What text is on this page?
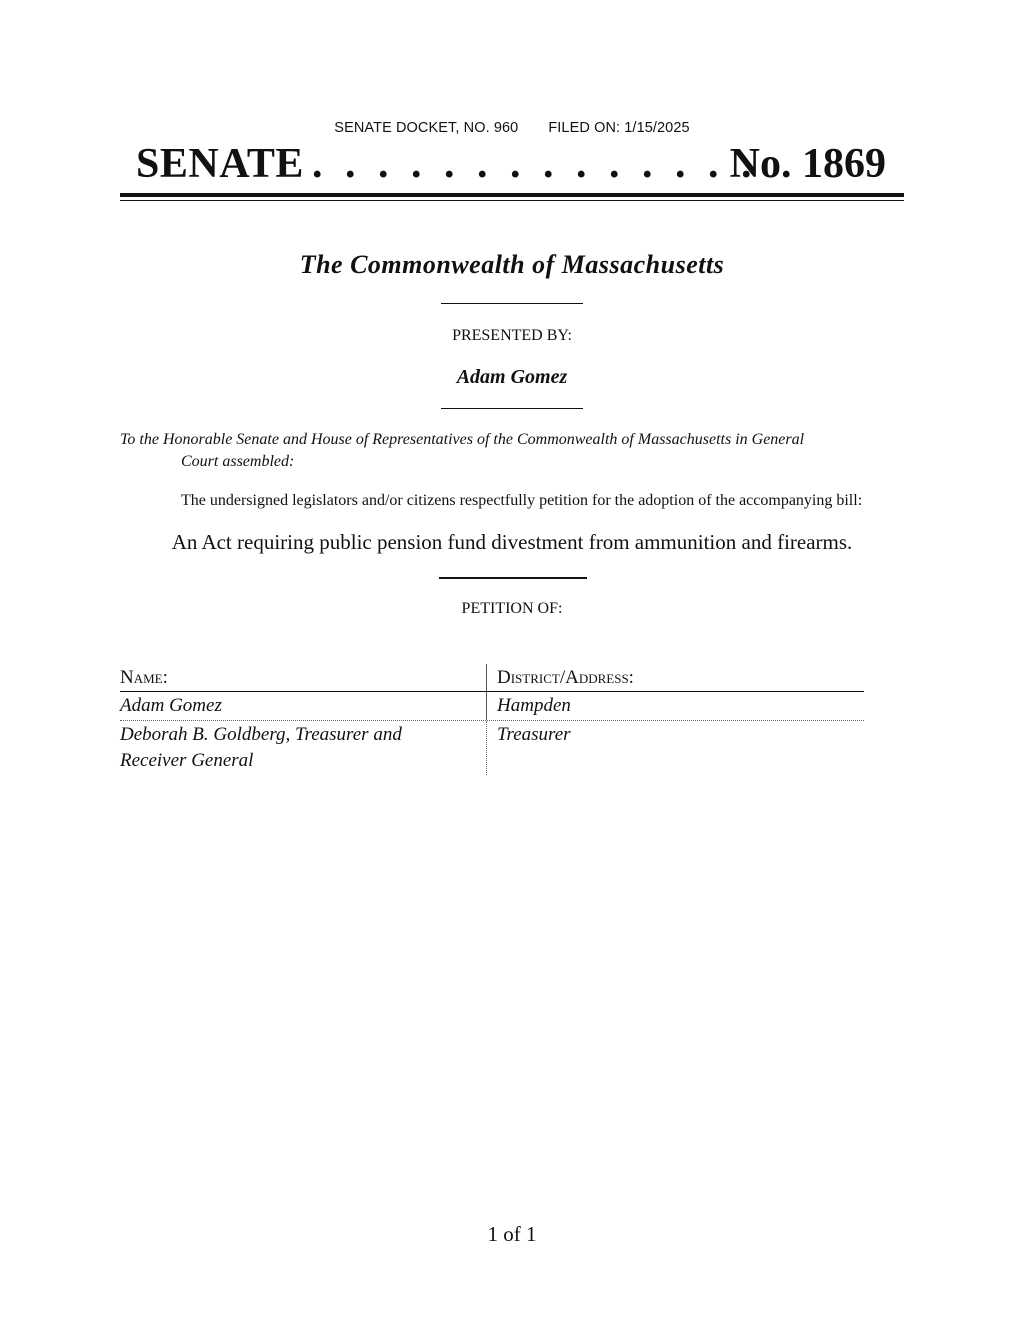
SENATE DOCKET, NO. 960 FILED ON: 1/15/2025
SENATE . . . . . . . . . . . . . .
No. 1869
The Commonwealth of Massachusetts
PRESENTED BY:
Adam Gomez
To the Honorable Senate and House of Representatives of the Commonwealth of Massachusetts in General
Court assembled:
The undersigned legislators and/or citizens respectfully petition for the adoption of the accompanying bill:
An Act requiring public pension fund divestment from ammunition and firearms.
PETITION OF:
Name:	District/Address:
Adam Gomez	Hampden
Deborah B. Goldberg, Treasurer and
Receiver General
Treasurer
1 of 1
